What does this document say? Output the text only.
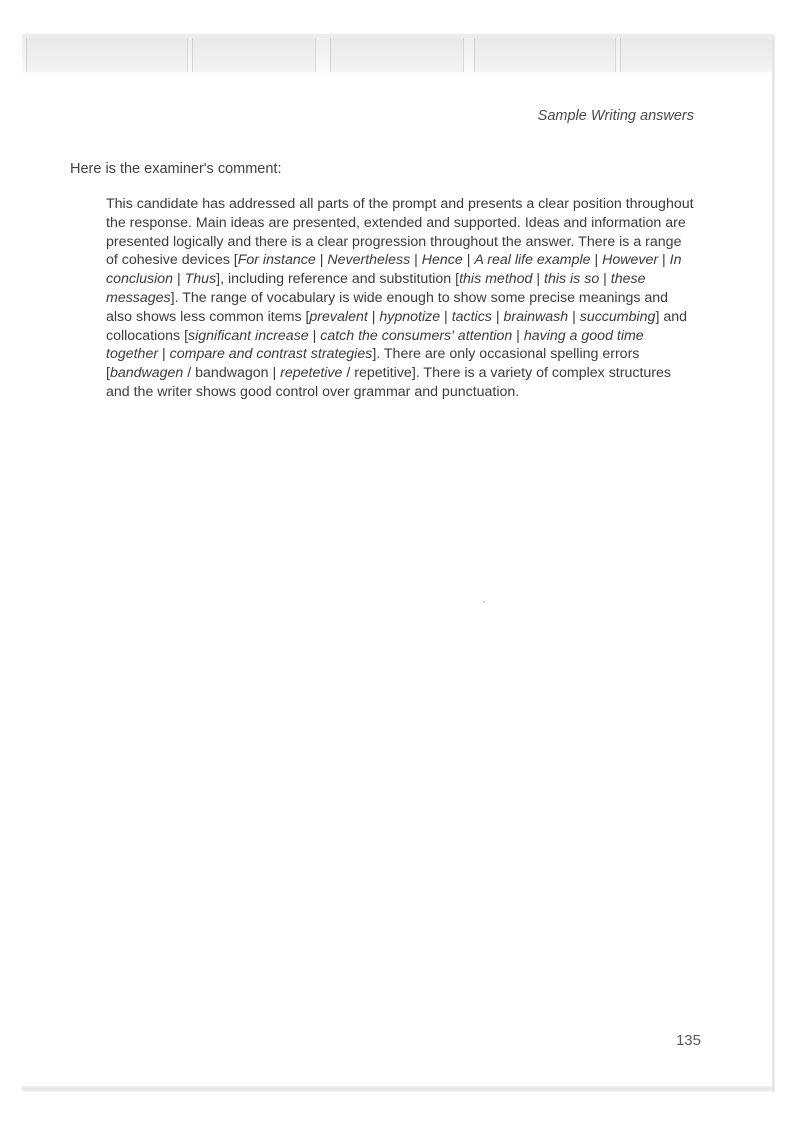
Sample Writing answers
Here is the examiner's comment:
This candidate has addressed all parts of the prompt and presents a clear position throughout the response. Main ideas are presented, extended and supported. Ideas and information are presented logically and there is a clear progression throughout the answer. There is a range of cohesive devices [For instance | Nevertheless | Hence | A real life example | However | In conclusion | Thus], including reference and substitution [this method | this is so | these messages]. The range of vocabulary is wide enough to show some precise meanings and also shows less common items [prevalent | hypnotize | tactics | brainwash | succumbing] and collocations [significant increase | catch the consumers' attention | having a good time together | compare and contrast strategies]. There are only occasional spelling errors [bandwagen / bandwagon | repetetive / repetitive]. There is a variety of complex structures and the writer shows good control over grammar and punctuation.
135
